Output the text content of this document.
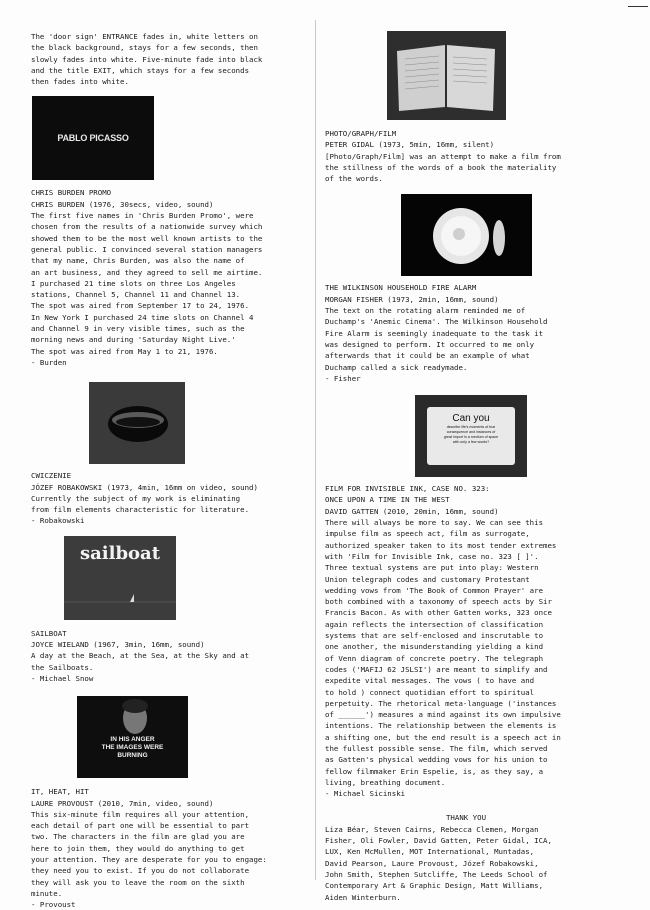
The 'door sign' ENTRANCE fades in, white letters on
the black background, stays for a few seconds, then
slowly fades into white. Five-minute fade into black
and the title EXIT, which stays for a few seconds
then fades into white.
PABLO PICASSO
CHRIS BURDEN PROMO
CHRIS BURDEN (1976, 30secs, video, sound)
The first five names in 'Chris Burden Promo', were
chosen from the results of a nationwide survey which
showed them to be the most well known artists to the
general public. I convinced several station managers
that my name, Chris Burden, was also the name of
an art business, and they agreed to sell me airtime.
I purchased 21 time slots on three Los Angeles
stations, Channel 5, Channel 11 and Channel 13.
The spot was aired from September 17 to 24, 1976.
In New York I purchased 24 time slots on Channel 4
and Channel 9 in very visible times, such as the
morning news and during 'Saturday Night Live.'
The spot was aired from May 1 to 21, 1976.
- Burden
CWICZENIE
JÓZEF ROBAKOWSKI (1973, 4min, 16mm on video, sound)
Currently the subject of my work is eliminating
from film elements characteristic for literature.
- Robakowski
sailboat
SAILBOAT
JOYCE WIELAND (1967, 3min, 16mm, sound)
A day at the Beach, at the Sea, at the Sky and at
the Sailboats.
- Michael Snow
IN HIS ANGER
THE IMAGES WERE
BURNING
IT, HEAT, HIT
LAURE PROVOUST (2010, 7min, video, sound)
This six-minute film requires all your attention,
each detail of part one will be essential to part
two. The characters in the film are glad you are
here to join them, they would do anything to get
your attention. They are desperate for you to engage:
they need you to exist. If you do not collaborate
they will ask you to leave the room on the sixth
minute.
- Provoust
PHOTO/GRAPH/FILM
PETER GIDAL (1973, 5min, 16mm, silent)
[Photo/Graph/Film] was an attempt to make a film from
the stillness of the words of a book the materiality
of the words.
THE WILKINSON HOUSEHOLD FIRE ALARM
MORGAN FISHER (1973, 2min, 16mm, sound)
The text on the rotating alarm reminded me of
Duchamp's 'Anemic Cinema'. The Wilkinson Household
Fire Alarm is seemingly inadequate to the task it
was designed to perform. It occurred to me only
afterwards that it could be an example of what
Duchamp called a sick readymade.
- Fisher
Can you
describe life's moments of true
consequence and instances of
great import in a medium of space
with only a few words?
FILM FOR INVISIBLE INK, CASE NO. 323:
ONCE UPON A TIME IN THE WEST
DAVID GATTEN (2010, 20min, 16mm, sound)
There will always be more to say. We can see this
impulse film as speech act, film as surrogate,
authorized speaker taken to its most tender extremes
with 'Film for Invisible Ink, case no. 323 [ ]'.
Three textual systems are put into play: Western
Union telegraph codes and customary Protestant
wedding vows from 'The Book of Common Prayer' are
both combined with a taxonomy of speech acts by Sir
Francis Bacon. As with other Gatten works, 323 once
again reflects the intersection of classification
systems that are self-enclosed and inscrutable to
one another, the misunderstanding yielding a kind
of Venn diagram of concrete poetry. The telegraph
codes ('MAFIJ 62 JSLSI') are meant to simplify and
expedite vital messages. The vows ( to have and
to hold ) connect quotidian effort to spiritual
perpetuity. The rhetorical meta-language ('instances
of ______') measures a mind against its own impulsive
intentions. The relationship between the elements is
a shifting one, but the end result is a speech act in
the fullest possible sense. The film, which served
as Gatten's physical wedding vows for his union to
fellow filmmaker Erin Espelie, is, as they say, a
living, breathing document.
- Michael Sicinski
THANK YOU
Liza Béar, Steven Cairns, Rebecca Clemen, Morgan
Fisher, Oli Fowler, David Gatten, Peter Gidal, ICA,
LUX, Ken McMullen, MOT International, Muntadas,
David Pearson, Laure Provoust, Józef Robakowski,
John Smith, Stephen Sutcliffe, The Leeds School of
Contemporary Art & Graphic Design, Matt Williams,
Aiden Winterburn.
